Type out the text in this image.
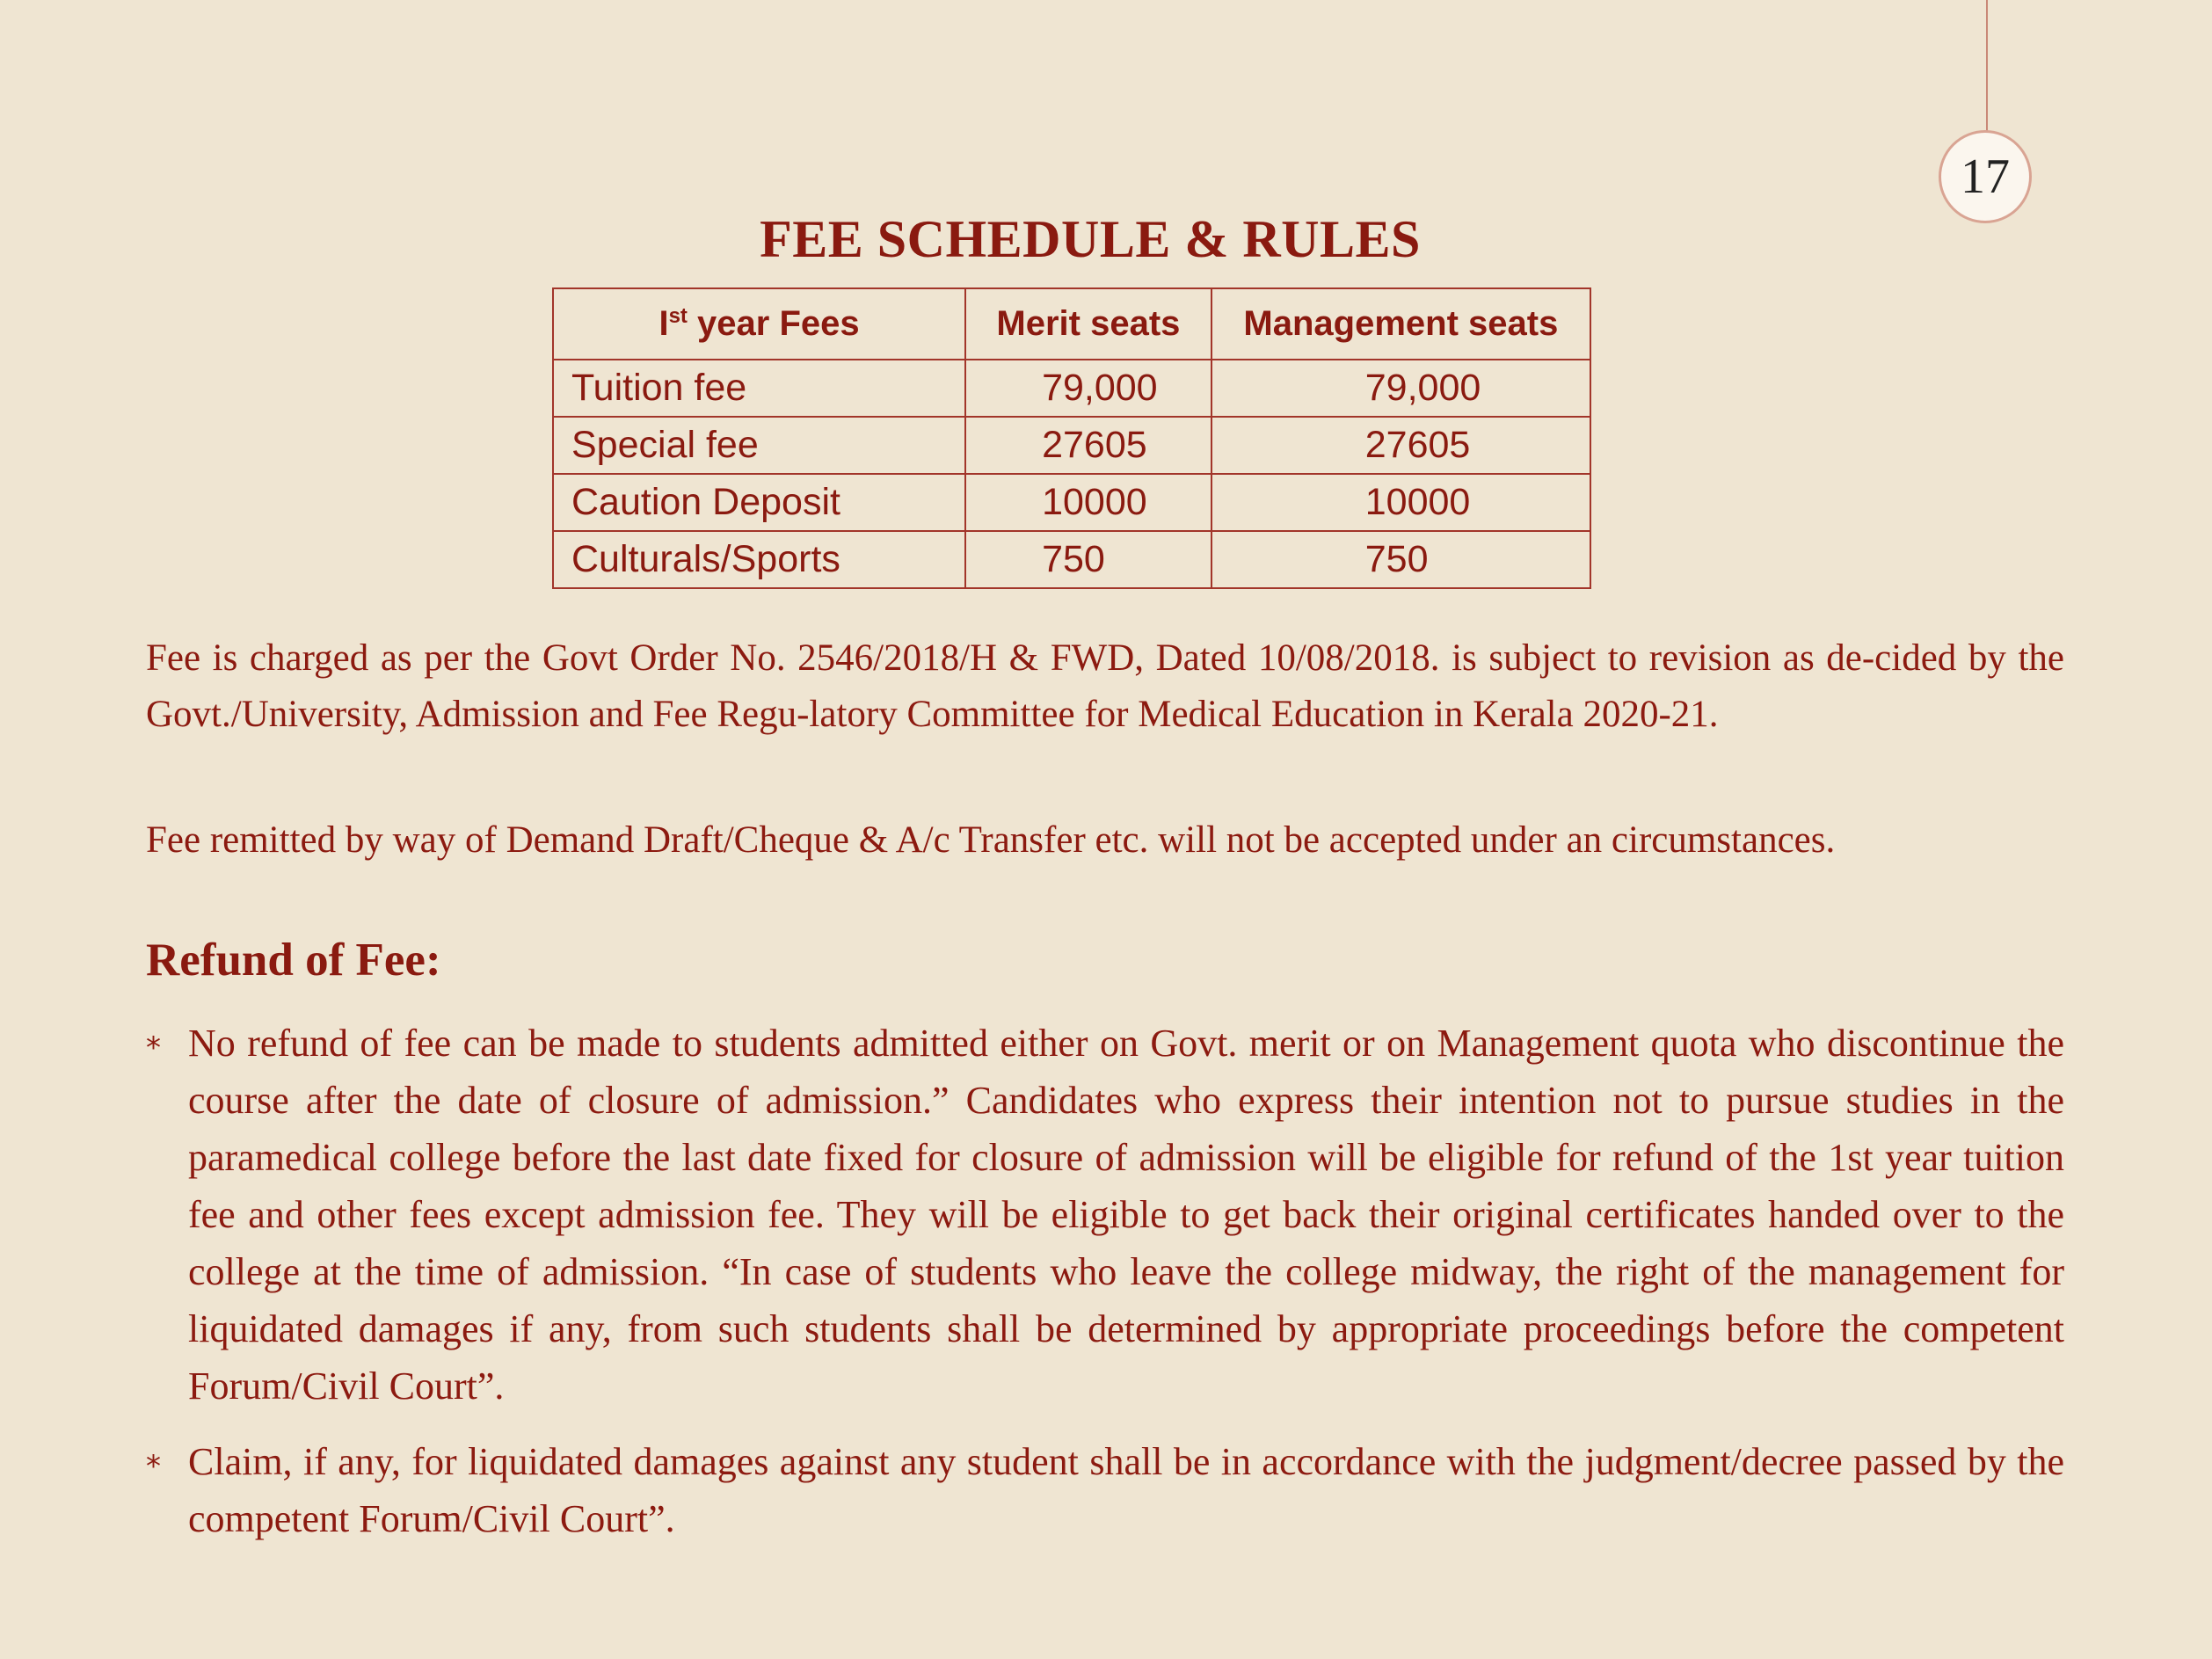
17
FEE SCHEDULE & RULES
Ist year Fees	Merit seats	Management seats
Tuition fee	79,000	79,000
Special fee	27605	27605
Caution Deposit	10000	10000
Culturals/Sports	750	750

Fee is charged as per the Govt Order No. 2546/2018/H & FWD, Dated 10/08/2018. is subject to revision as de-cided by the Govt./University, Admission and Fee Regu-latory Committee for Medical Education in Kerala 2020-21.

Fee remitted by way of Demand Draft/Cheque & A/c Transfer etc. will not be accepted under an circumstances.

Refund of Fee:
* No refund of fee can be made to students admitted either on Govt. merit or on Management quota who discontinue the course after the date of closure of admission.” Candidates who express their intention not to pursue studies in the paramedical college before the last date fixed for closure of admission will be eligible for refund of the 1st year tuition fee and other fees except admission fee. They will be eligible to get back their original certificates handed over to the college at the time of admission. “In case of students who leave the college midway, the right of the management for liquidated damages if any, from such students shall be determined by appropriate proceedings before the competent Forum/Civil Court”.
* Claim, if any, for liquidated damages against any student shall be in accordance with the judgment/decree passed by the competent Forum/Civil Court”.
